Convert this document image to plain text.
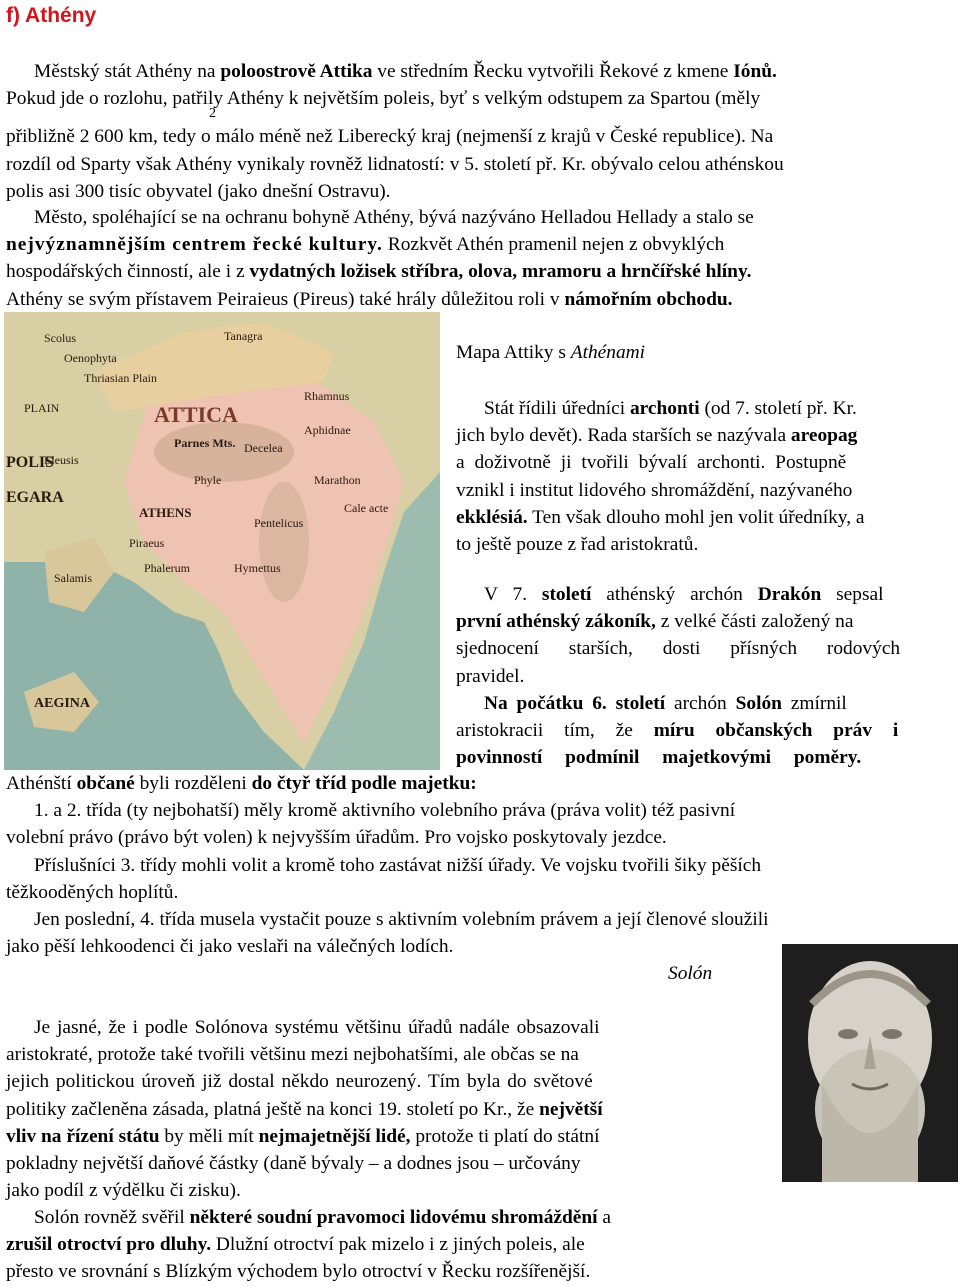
f) Athény
Městský stát Athény na poloostrově Attika ve středním Řecku vytvořili Řekové z kmene Iónů.
Pokud jde o rozlohu, patřily Athény k největším poleis, byť s velkým odstupem za Spartou (měly
přibližně 2 600 km, tedy o málo méně než Liberecký kraj (nejmenší z krajů v České republice). Na
rozdíl od Sparty však Athény vynikaly rovněž lidnatostí: v 5. století př. Kr. obývalo celou athénskou
polis asi 300 tisíc obyvatel (jako dnešní Ostravu).
2
Město, spoléhající se na ochranu bohyně Athény, bývá nazýváno Helladou Hellady a stalo se
nejvýznamnějším centrem řecké kultury. Rozkvět Athén pramenil nejen z obvyklých
hospodářských činností, ale i z vydatných ložisek stříbra, olova, mramoru a hrnčířské hlíny.
Athény se svým přístavem Peiraieus (Pireus) také hrály důležitou roli v námořním obchodu.
Scolus
Oenophyta
Tanagra
Rhamnus
Aphidnae
Thriasian Plain
Decelea
Parnes Mts.
Marathon
Phyle
PLAIN
Eleusis
Cale acte
POLIS
EGARA
ATHENS
Pentelicus
Hymettus
Piraeus
Phalerum
Salamis
AEGINA
ATTICA
Mapa Attiky s Athénami
Stát řídili úředníci archonti (od 7. století př. Kr.
jich bylo devět). Rada starších se nazývala areopag
a doživotně ji tvořili bývalí archonti. Postupně
vznikl i institut lidového shromáždění, nazývaného
ekklésiá. Ten však dlouho mohl jen volit úředníky, a
to ještě pouze z řad aristokratů.
V 7. století athénský archón Drakón sepsal
první athénský zákoník, z velké části založený na
sjednocení starších, dosti přísných rodových
pravidel.
Na počátku 6. století archón Solón zmírnil
aristokracii tím, že míru občanských práv i
povinností podmínil majetkovými poměry.
Athénští občané byli rozděleni do čtyř tříd podle majetku:
1. a 2. třída (ty nejbohatší) měly kromě aktivního volebního práva (práva volit) též pasivní
volební právo (právo být volen) k nejvyšším úřadům. Pro vojsko poskytovaly jezdce.
Příslušníci 3. třídy mohli volit a kromě toho zastávat nižší úřady. Ve vojsku tvořili šiky pěších
těžkooděných hoplítů.
Jen poslední, 4. třída musela vystačit pouze s aktivním volebním právem a její členové sloužili
jako pěší lehkoodenci či jako veslaři na válečných lodích.
Solón
Je jasné, že i podle Solónova systému většinu úřadů nadále obsazovali
aristokraté, protože také tvořili většinu mezi nejbohatšími, ale občas se na
jejich politickou úroveň již dostal někdo neurozený. Tím byla do světové
politiky začleněna zásada, platná ještě na konci 19. století po Kr., že největší
vliv na řízení státu by měli mít nejmajetnější lidé, protože ti platí do státní
pokladny největší daňové částky (daně bývaly – a dodnes jsou – určovány
jako podíl z výdělku či zisku).
Solón rovněž svěřil některé soudní pravomoci lidovému shromáždění a
zrušil otroctví pro dluhy. Dlužní otroctví pak mizelo i z jiných poleis, ale
přesto ve srovnání s Blízkým východem bylo otroctví v Řecku rozšířenější.
